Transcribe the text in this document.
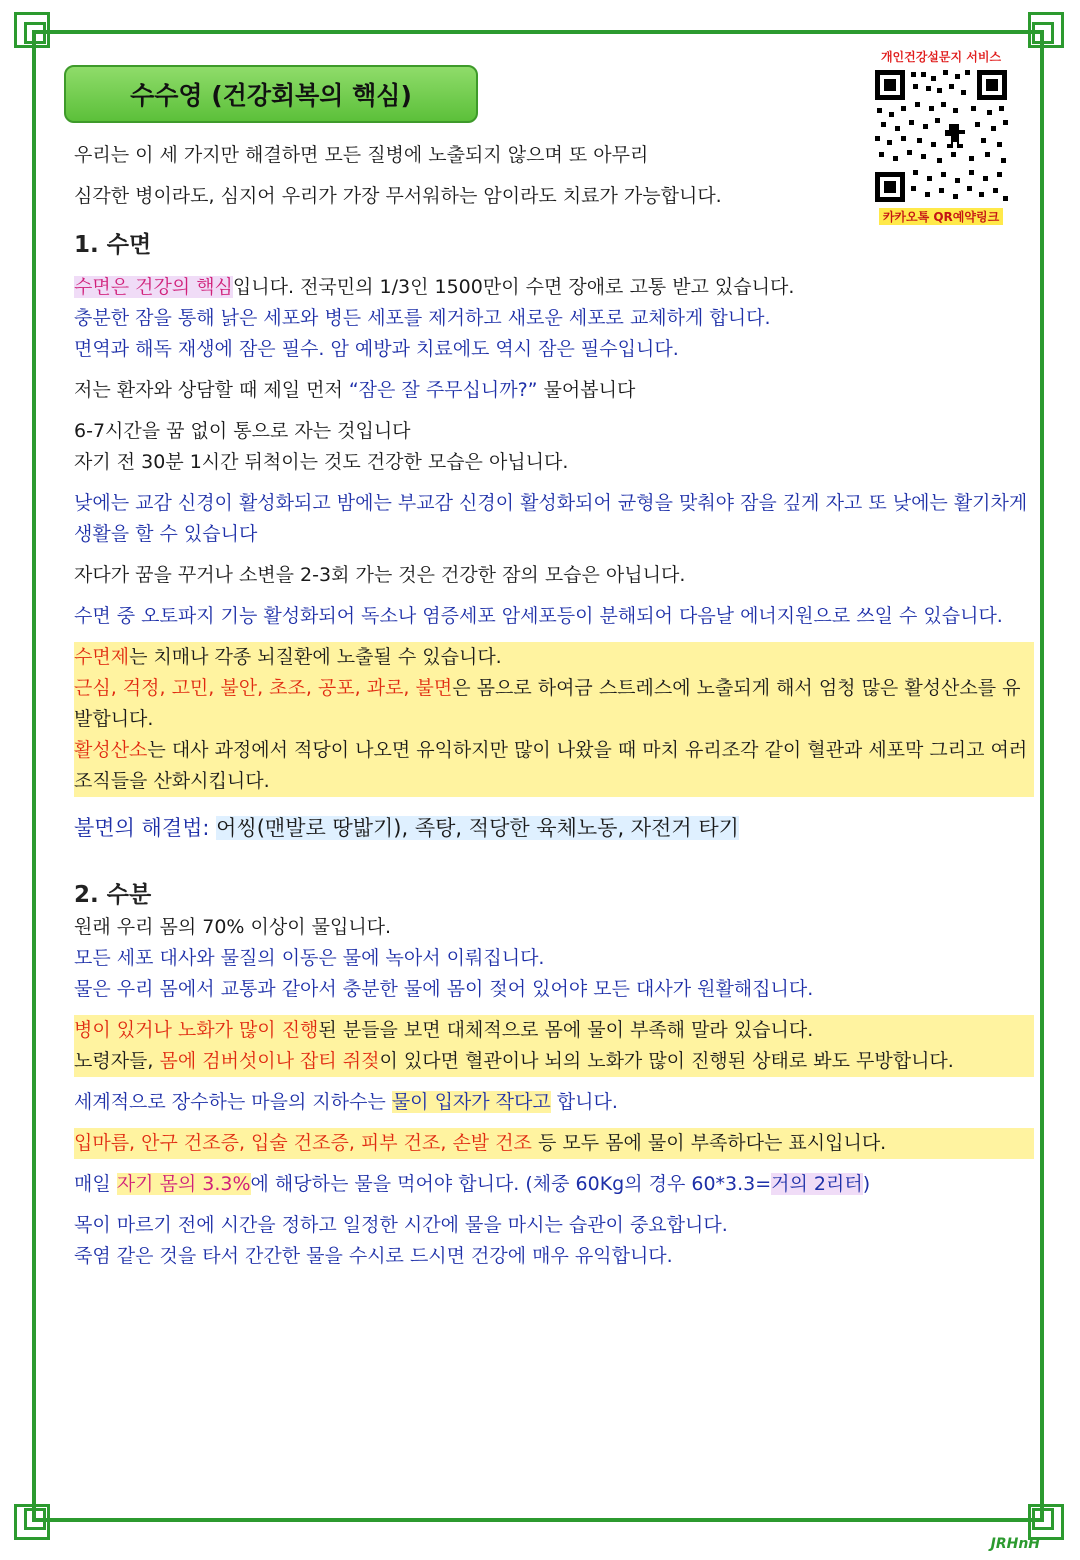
수수영 (건강회복의 핵심)
개인건강설문지 서비스
카카오톡 QR예약링크

우리는 이 세 가지만 해결하면 모든 질병에 노출되지 않으며 또 아무리

심각한 병이라도, 심지어 우리가 가장 무서워하는 암이라도 치료가 가능합니다.

1. 수면

수면은 건강의 핵심입니다. 전국민의 1/3인 1500만이 수면 장애로 고통 받고 있습니다.

충분한 잠을 통해 낡은 세포와 병든 세포를 제거하고 새로운 세포로 교체하게 합니다.

면역과 해독 재생에 잠은 필수. 암 예방과 치료에도 역시 잠은 필수입니다.

저는 환자와 상담할 때 제일 먼저 “잠은 잘 주무십니까?” 물어봅니다

6-7시간을 꿈 없이 통으로 자는 것입니다

자기 전 30분 1시간 뒤척이는 것도 건강한 모습은 아닙니다.

낮에는 교감 신경이 활성화되고 밤에는 부교감 신경이 활성화되어 균형을 맞춰야 잠을 깊게 자고 또 낮에는 활기차게 생활을 할 수 있습니다

자다가 꿈을 꾸거나 소변을 2-3회 가는 것은 건강한 잠의 모습은 아닙니다.

수면 중 오토파지 기능 활성화되어 독소나 염증세포 암세포등이 분해되어 다음날 에너지원으로 쓰일 수 있습니다.

수면제는 치매나 각종 뇌질환에 노출될 수 있습니다.

근심, 걱정, 고민, 불안, 초조, 공포, 과로, 불면은 몸으로 하여금 스트레스에 노출되게 해서 엄청 많은 활성산소를 유발합니다.

활성산소는 대사 과정에서 적당이 나오면 유익하지만 많이 나왔을 때 마치 유리조각 같이 혈관과 세포막 그리고 여러 조직들을 산화시킵니다.

불면의 해결법: 어씽(맨발로 땅밟기), 족탕, 적당한 육체노동, 자전거 타기

2. 수분

원래 우리 몸의 70% 이상이 물입니다.

모든 세포 대사와 물질의 이동은 물에 녹아서 이뤄집니다.

물은 우리 몸에서 교통과 같아서 충분한 물에 몸이 젖어 있어야 모든 대사가 원활해집니다.

병이 있거나 노화가 많이 진행된 분들을 보면 대체적으로 몸에 물이 부족해 말라 있습니다.

노령자들, 몸에 검버섯이나 잡티 쥐젖이 있다면 혈관이나 뇌의 노화가 많이 진행된 상태로 봐도 무방합니다.

세계적으로 장수하는 마을의 지하수는 물이 입자가 작다고 합니다.

입마름, 안구 건조증, 입술 건조증, 피부 건조, 손발 건조 등 모두 몸에 물이 부족하다는 표시입니다.

매일 자기 몸의 3.3%에 해당하는 물을 먹어야 합니다. (체중 60Kg의 경우 60*3.3=거의 2리터)

목이 마르기 전에 시간을 정하고 일정한 시간에 물을 마시는 습관이 중요합니다.

죽염 같은 것을 타서 간간한 물을 수시로 드시면 건강에 매우 유익합니다.

JRHnH
